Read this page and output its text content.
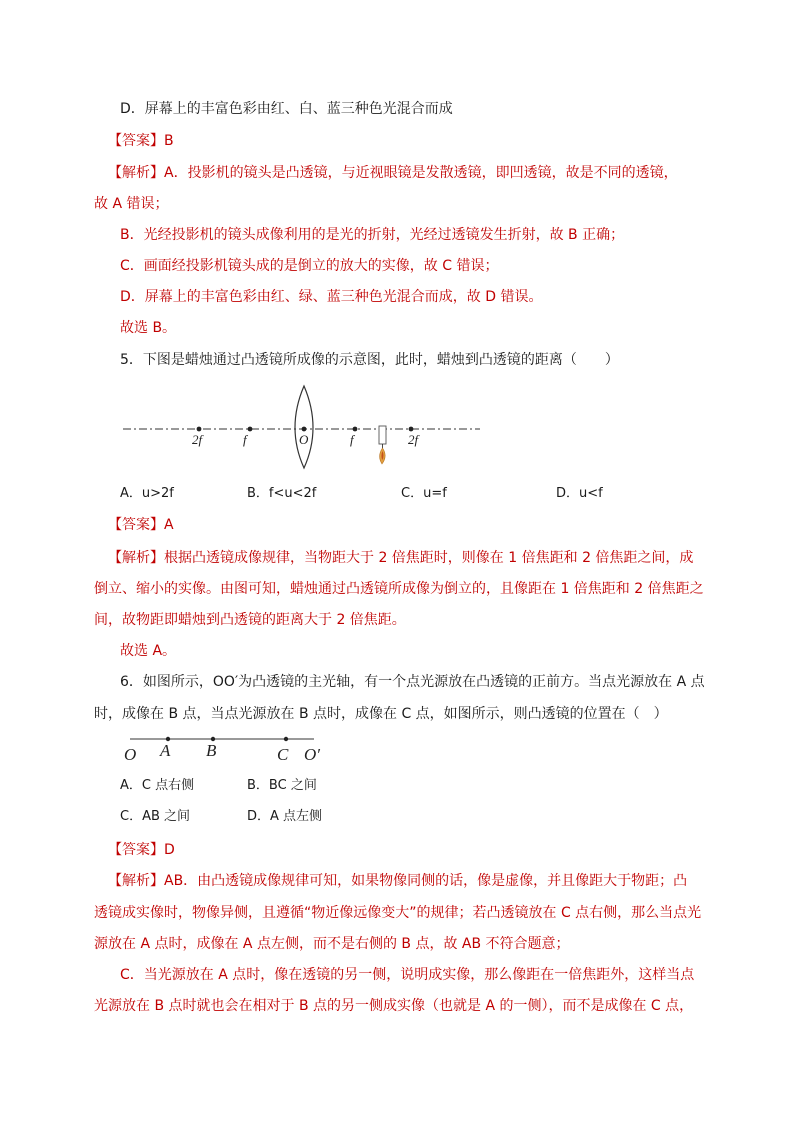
D．屏幕上的丰富色彩由红、白、蓝三种色光混合而成
【答案】B
【解析】A．投影机的镜头是凸透镜，与近视眼镜是发散透镜，即凹透镜，故是不同的透镜，
故 A 错误；
B．光经投影机的镜头成像利用的是光的折射，光经过透镜发生折射，故 B 正确；
C．画面经投影机镜头成的是倒立的放大的实像，故 C 错误；
D．屏幕上的丰富色彩由红、绿、蓝三种色光混合而成，故 D 错误。
故选 B。
5．下图是蜡烛通过凸透镜所成像的示意图，此时，蜡烛到凸透镜的距离（　　）
2f	f	O	f	2f
A．u>2f	B．f<u<2f	C．u=f	D．u<f
【答案】A
【解析】根据凸透镜成像规律，当物距大于 2 倍焦距时，则像在 1 倍焦距和 2 倍焦距之间，成
倒立、缩小的实像。由图可知，蜡烛通过凸透镜所成像为倒立的，且像距在 1 倍焦距和 2 倍焦距之
间，故物距即蜡烛到凸透镜的距离大于 2 倍焦距。
故选 A。
6．如图所示，OO′为凸透镜的主光轴，有一个点光源放在凸透镜的正前方。当点光源放在 A 点
时，成像在 B 点，当点光源放在 B 点时，成像在 C 点，如图所示，则凸透镜的位置在（　）
O A B	C O′
A．C 点右侧	B．BC 之间
C．AB 之间	D．A 点左侧
【答案】D
【解析】AB．由凸透镜成像规律可知，如果物像同侧的话，像是虚像，并且像距大于物距；凸
透镜成实像时，物像异侧，且遵循“物近像远像变大”的规律；若凸透镜放在 C 点右侧，那么当点光
源放在 A 点时，成像在 A 点左侧，而不是右侧的 B 点，故 AB 不符合题意；
C．当光源放在 A 点时，像在透镜的另一侧，说明成实像，那么像距在一倍焦距外，这样当点
光源放在 B 点时就也会在相对于 B 点的另一侧成实像（也就是 A 的一侧），而不是成像在 C 点，
